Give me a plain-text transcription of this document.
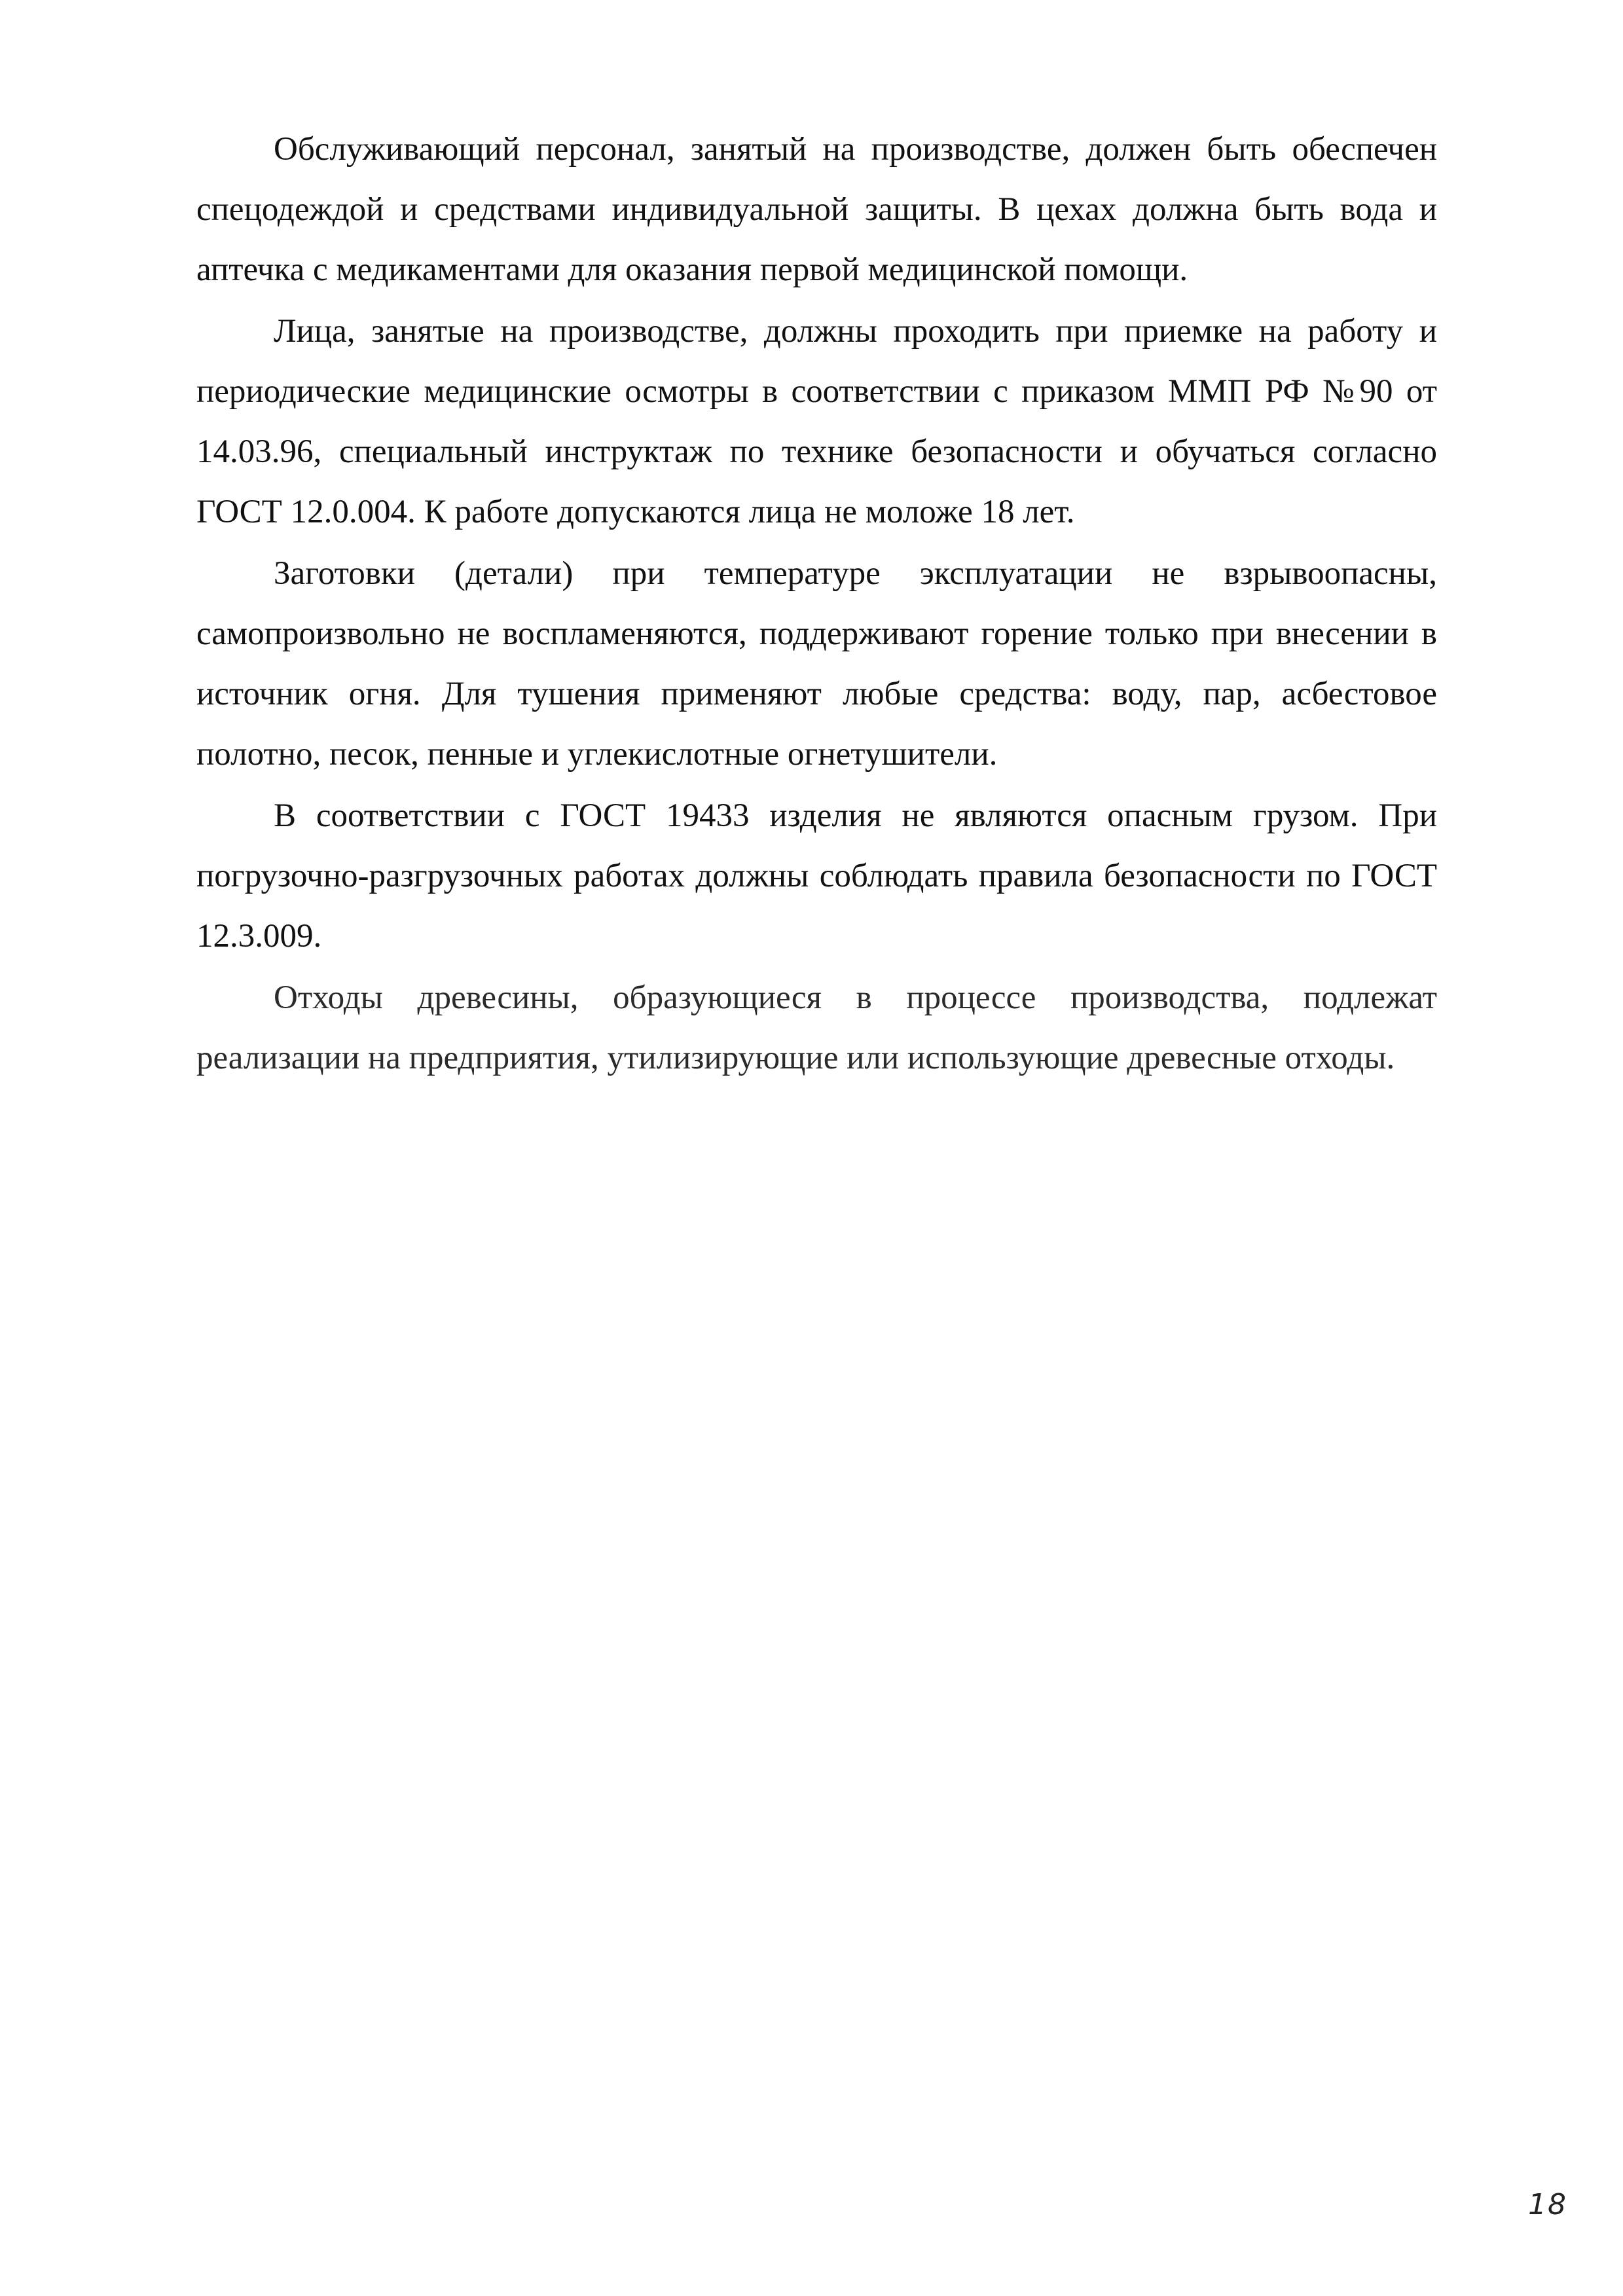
Обслуживающий персонал, занятый на производстве, должен быть обеспечен спецодеждой и средствами индивидуальной защиты. В цехах должна быть вода и аптечка с медикаментами для оказания первой медицинской помощи.

Лица, занятые на производстве, должны проходить при приемке на работу и периодические медицинские осмотры в соответствии с приказом ММП РФ №90 от 14.03.96, специальный инструктаж по технике безопасности и обучаться согласно ГОСТ 12.0.004. К работе допускаются лица не моложе 18 лет.

Заготовки (детали) при температуре эксплуатации не взрывоопасны, самопроизвольно не воспламеняются, поддерживают горение только при внесении в источник огня. Для тушения применяют любые средства: воду, пар, асбестовое полотно, песок, пенные и углекислотные огнетушители.

В соответствии с ГОСТ 19433 изделия не являются опасным грузом. При погрузочно-разгрузочных работах должны соблюдать правила безопасности по ГОСТ 12.3.009.

Отходы древесины, образующиеся в процессе производства, подлежат реализации на предприятия, утилизирующие или использующие древесные отходы.

18
